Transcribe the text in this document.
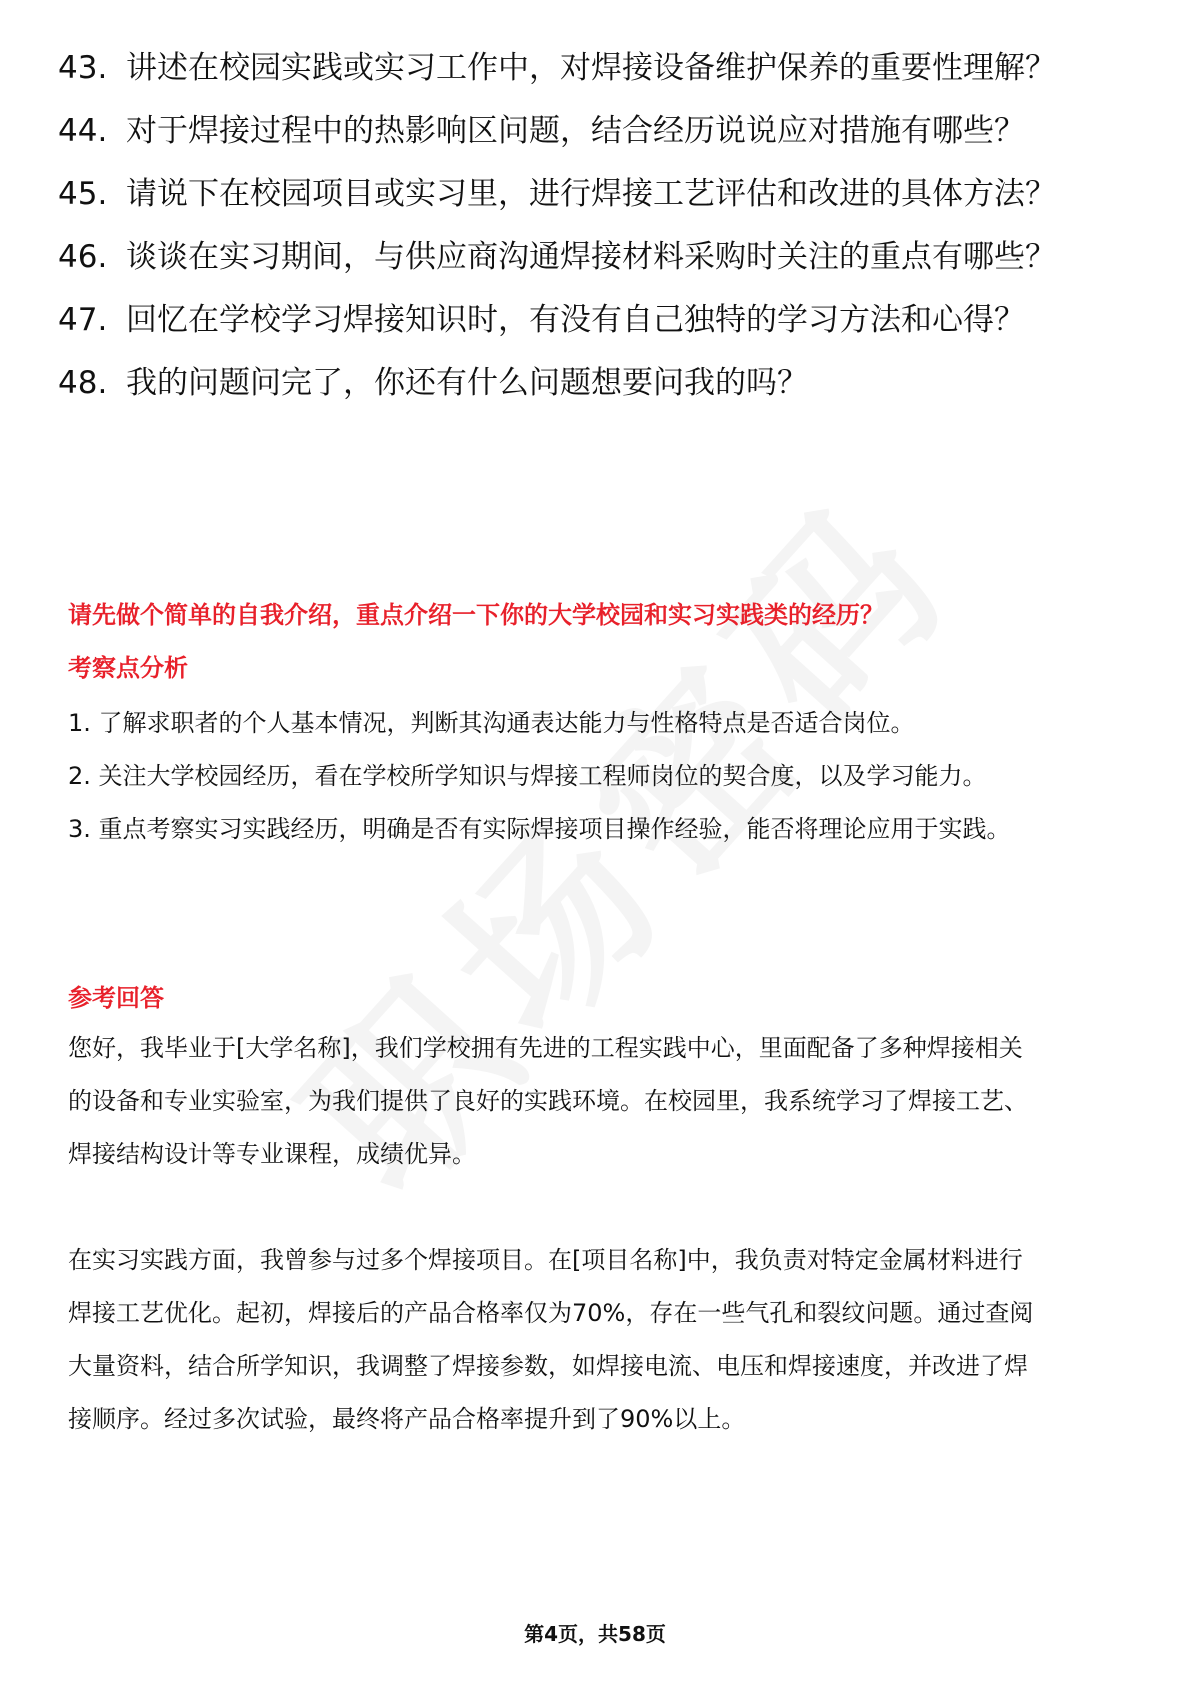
43. 讲述在校园实践或实习工作中，对焊接设备维护保养的重要性理解？
44. 对于焊接过程中的热影响区问题，结合经历说说应对措施有哪些？
45. 请说下在校园项目或实习里，进行焊接工艺评估和改进的具体方法？
46. 谈谈在实习期间，与供应商沟通焊接材料采购时关注的重点有哪些？
47. 回忆在学校学习焊接知识时，有没有自己独特的学习方法和心得？
48. 我的问题问完了，你还有什么问题想要问我的吗？
请先做个简单的自我介绍，重点介绍一下你的大学校园和实习实践类的经历？
考察点分析
1. 了解求职者的个人基本情况，判断其沟通表达能力与性格特点是否适合岗位。
2. 关注大学校园经历，看在学校所学知识与焊接工程师岗位的契合度，以及学习能力。
3. 重点考察实习实践经历，明确是否有实际焊接项目操作经验，能否将理论应用于实践。
参考回答

您好，我毕业于[大学名称]，我们学校拥有先进的工程实践中心，里面配备了多种焊接相关的设备和专业实验室，为我们提供了良好的实践环境。在校园里，我系统学习了焊接工艺、焊接结构设计等专业课程，成绩优异。

在实习实践方面，我曾参与过多个焊接项目。在[项目名称]中，我负责对特定金属材料进行焊接工艺优化。起初，焊接后的产品合格率仅为70%，存在一些气孔和裂纹问题。通过查阅大量资料，结合所学知识，我调整了焊接参数，如焊接电流、电压和焊接速度，并改进了焊接顺序。经过多次试验，最终将产品合格率提升到了90%以上。

第4页，共58页
